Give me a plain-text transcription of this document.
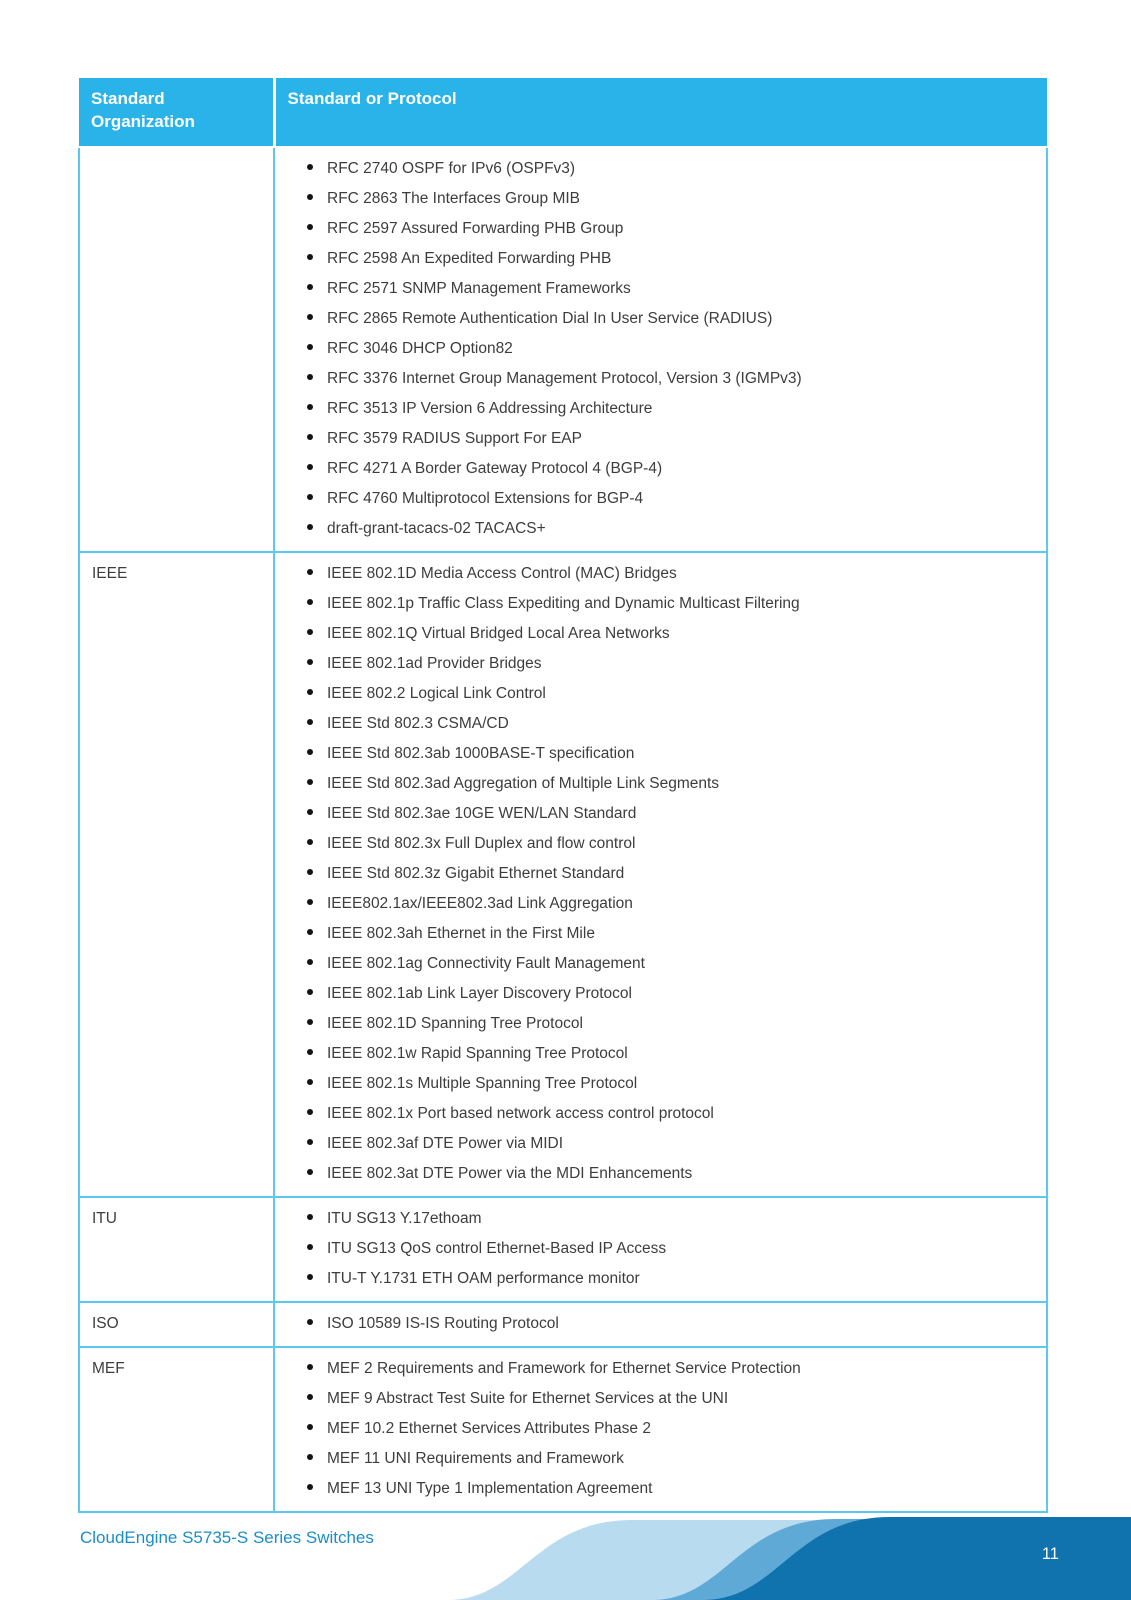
Standard Organization	Standard or Protocol

RFC 2740 OSPF for IPv6 (OSPFv3)
RFC 2863 The Interfaces Group MIB
RFC 2597 Assured Forwarding PHB Group
RFC 2598 An Expedited Forwarding PHB
RFC 2571 SNMP Management Frameworks
RFC 2865 Remote Authentication Dial In User Service (RADIUS)
RFC 3046 DHCP Option82
RFC 3376 Internet Group Management Protocol, Version 3 (IGMPv3)
RFC 3513 IP Version 6 Addressing Architecture
RFC 3579 RADIUS Support For EAP
RFC 4271 A Border Gateway Protocol 4 (BGP-4)
RFC 4760 Multiprotocol Extensions for BGP-4
draft-grant-tacacs-02 TACACS+

IEEE	IEEE 802.1D Media Access Control (MAC) Bridges
IEEE 802.1p Traffic Class Expediting and Dynamic Multicast Filtering
IEEE 802.1Q Virtual Bridged Local Area Networks
IEEE 802.1ad Provider Bridges
IEEE 802.2 Logical Link Control
IEEE Std 802.3 CSMA/CD
IEEE Std 802.3ab 1000BASE-T specification
IEEE Std 802.3ad Aggregation of Multiple Link Segments
IEEE Std 802.3ae 10GE WEN/LAN Standard
IEEE Std 802.3x Full Duplex and flow control
IEEE Std 802.3z Gigabit Ethernet Standard
IEEE802.1ax/IEEE802.3ad Link Aggregation
IEEE 802.3ah Ethernet in the First Mile
IEEE 802.1ag Connectivity Fault Management
IEEE 802.1ab Link Layer Discovery Protocol
IEEE 802.1D Spanning Tree Protocol
IEEE 802.1w Rapid Spanning Tree Protocol
IEEE 802.1s Multiple Spanning Tree Protocol
IEEE 802.1x Port based network access control protocol
IEEE 802.3af DTE Power via MIDI
IEEE 802.3at DTE Power via the MDI Enhancements

ITU	ITU SG13 Y.17ethoam
ITU SG13 QoS control Ethernet-Based IP Access
ITU-T Y.1731 ETH OAM performance monitor

ISO	ISO 10589 IS-IS Routing Protocol

MEF	MEF 2 Requirements and Framework for Ethernet Service Protection
MEF 9 Abstract Test Suite for Ethernet Services at the UNI
MEF 10.2 Ethernet Services Attributes Phase 2
MEF 11 UNI Requirements and Framework
MEF 13 UNI Type 1 Implementation Agreement
CloudEngine S5735-S Series Switches
11
